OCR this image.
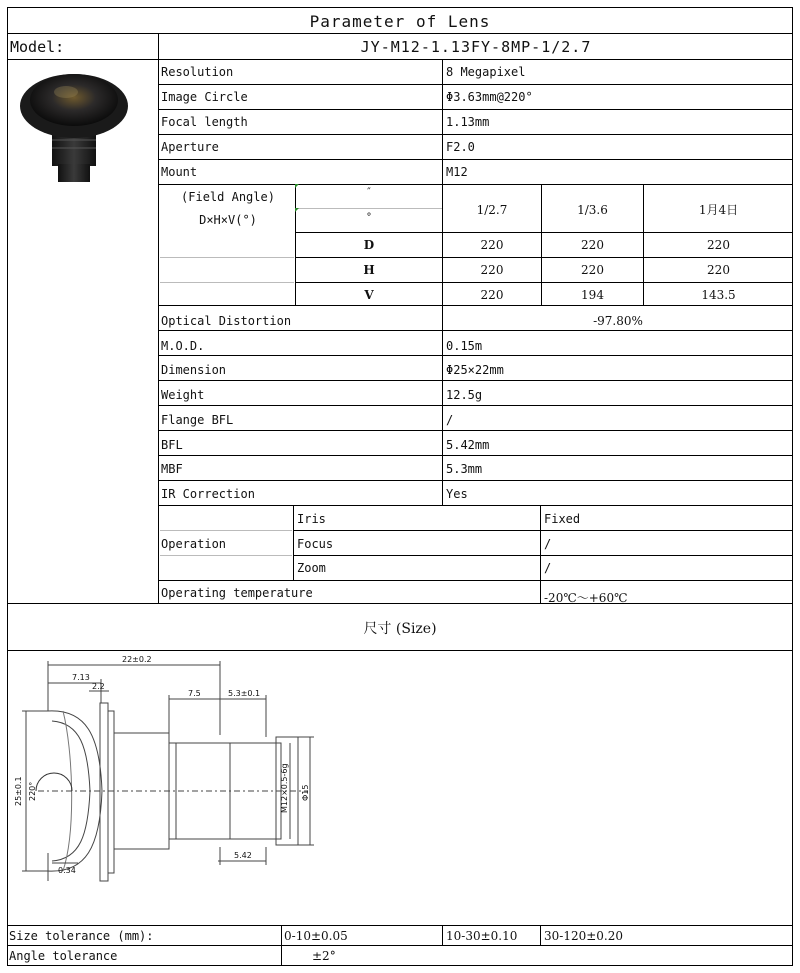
Parameter of Lens
Model:	JY-M12-1.13FY-8MP-1/2.7
Resolution	8 Megapixel
Image Circle	Φ3.63mm@220°
Focal length	1.13mm
Aperture	F2.0
Mount	M12
(Field Angle)
D×H×V(°)
″
°
1/2.7	1/3.6	1月4日
D	220	220	220
H	220	220	220
V	220	194	143.5
Optical Distortion	-97.80%
M.O.D.	0.15m
Dimension	Φ25×22mm
Weight	12.5g
Flange BFL	/
BFL	5.42mm
MBF	5.3mm
IR Correction	Yes
Operation
Iris	Fixed
Focus	/
Zoom	/
Operating temperature	-20℃～+60℃
尺寸 (Size)
22±0.2
7.13
2.2
7.5	5.3±0.1
0.34
5.42
25±0.1 220°	M12×0.5-6g Φ15
Size tolerance (mm):	0-10±0.05	10-30±0.10 30-120±0.20
Angle tolerance	±2°
